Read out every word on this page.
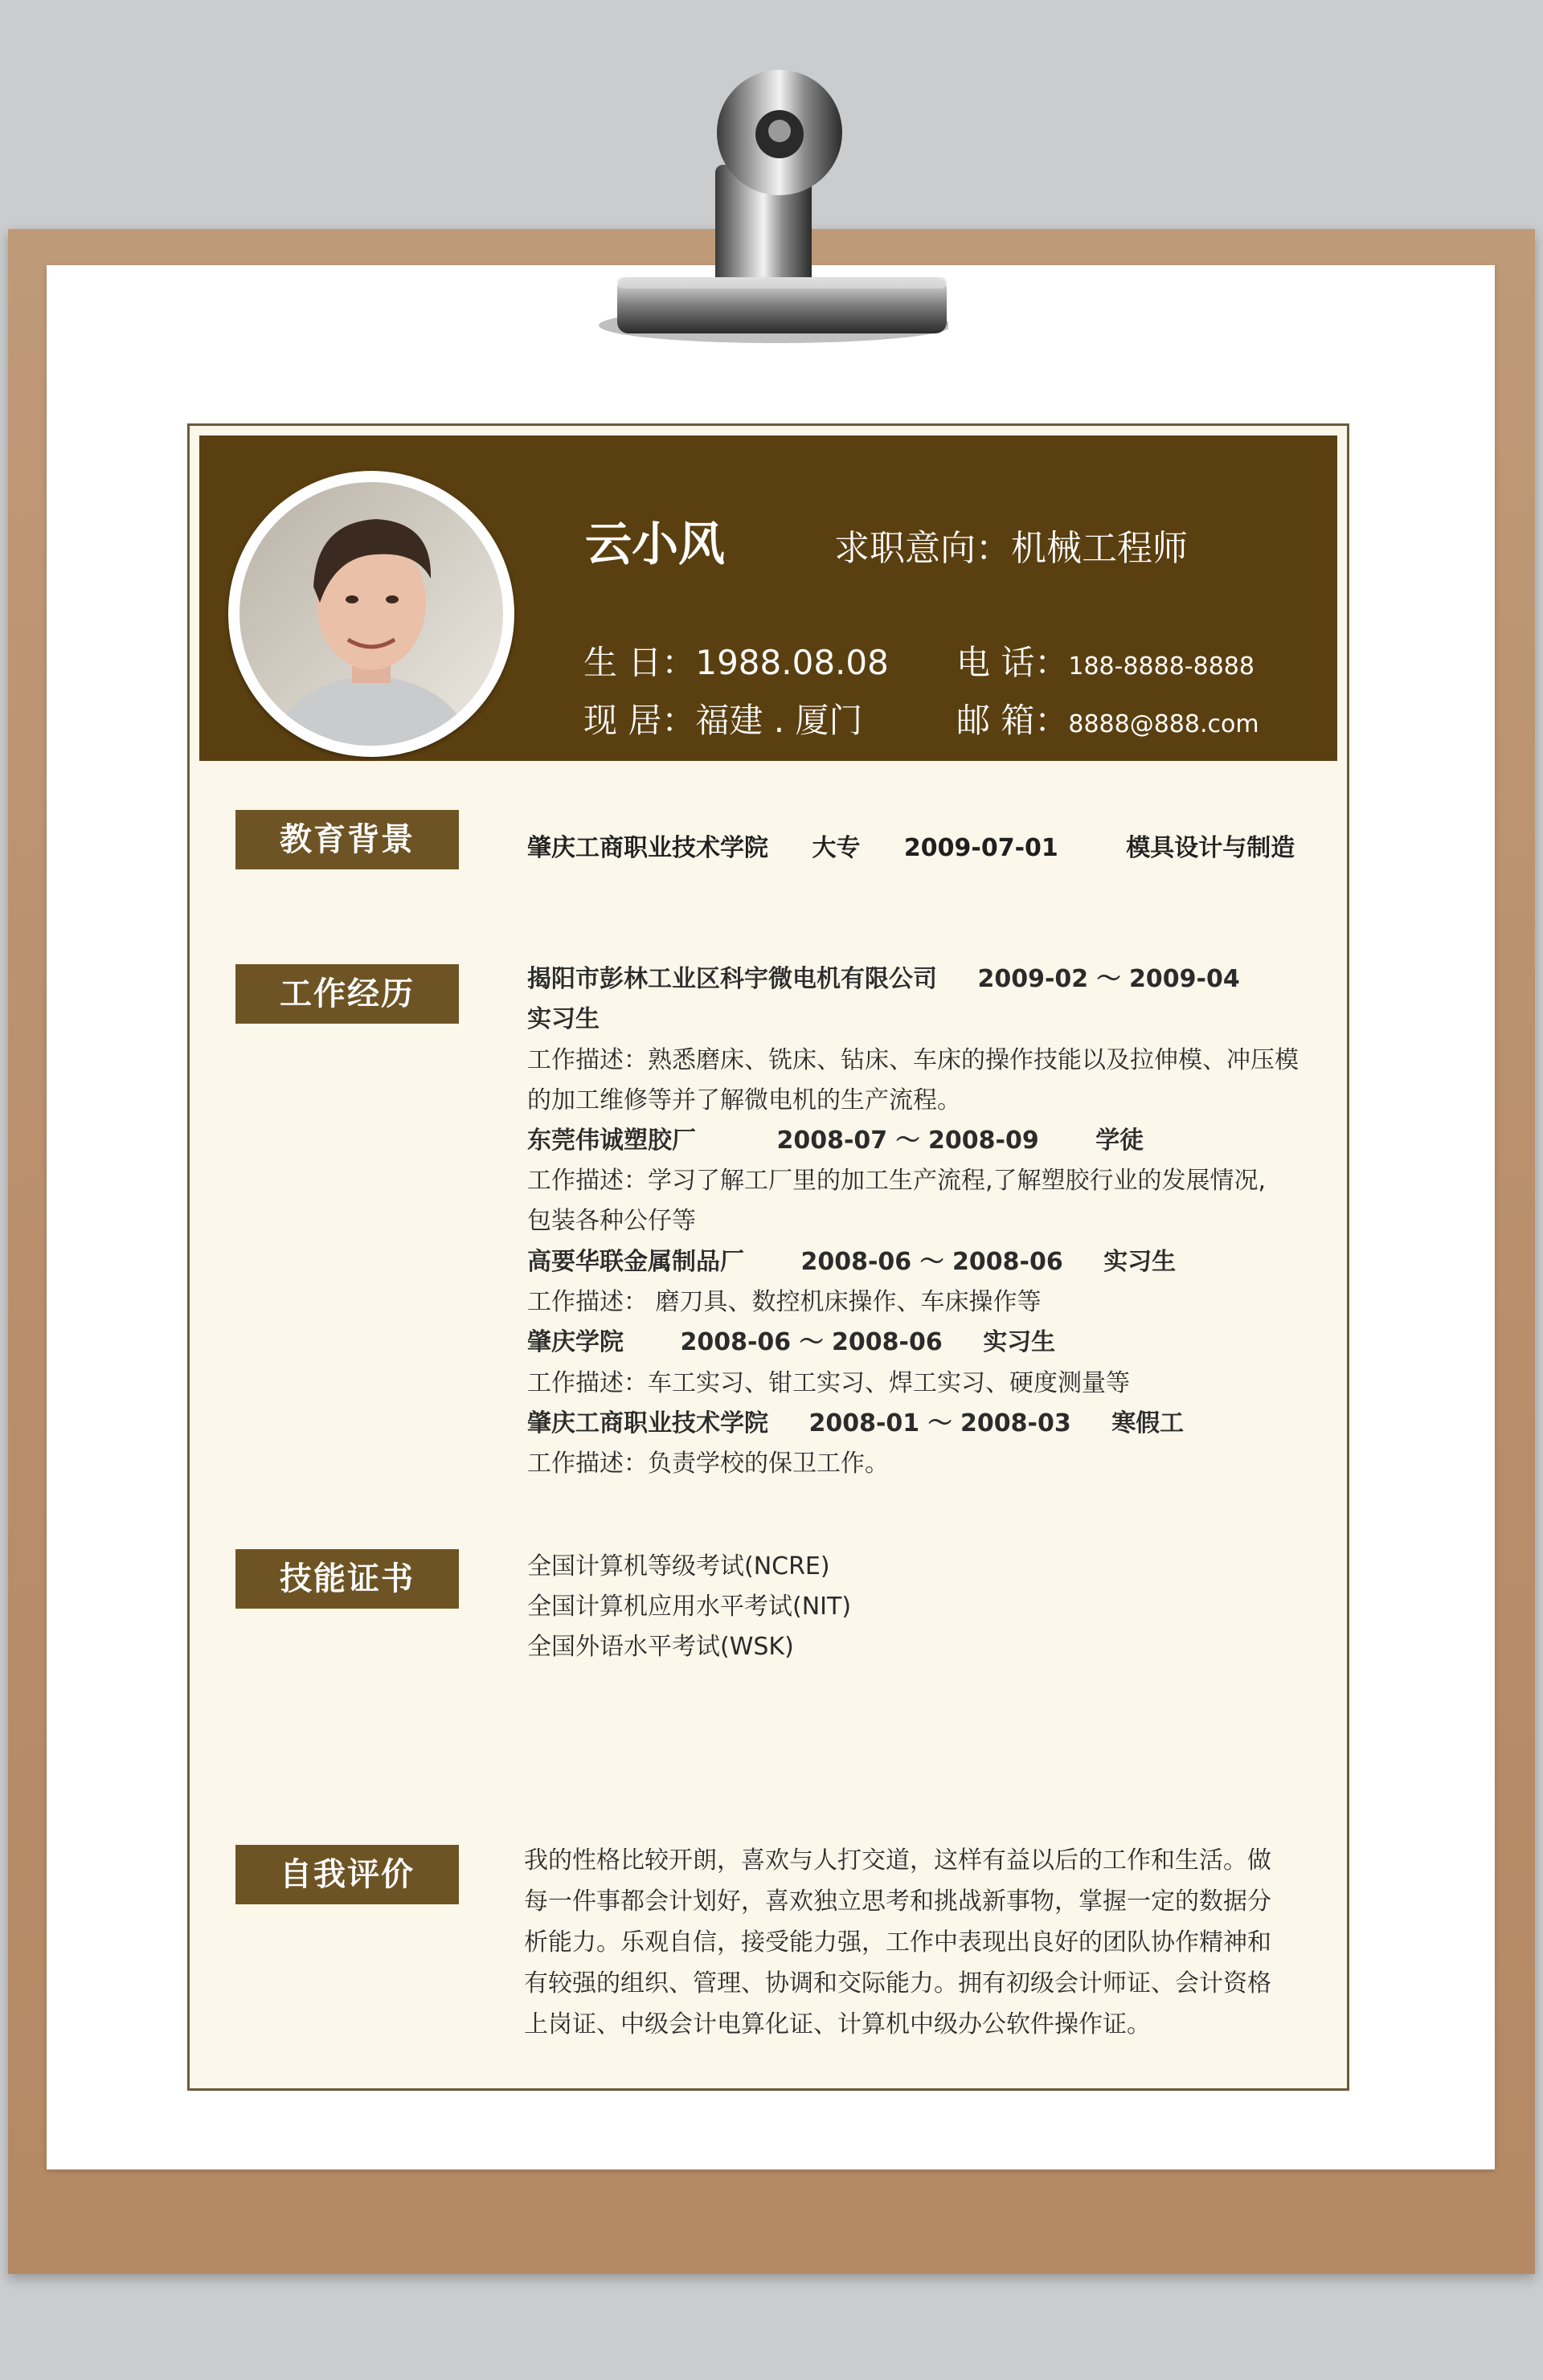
云小风	求职意向：机械工程师
生 日：1988.08.08
现 居：福建 . 厦门
电 话：188-8888-8888
邮 箱：8888@888.com
教育背景	肇庆工商职业技术学院 大专 2009-07-01	模具设计与制造
工作经历	揭阳市彭林工业区科宇微电机有限公司 2009-02 ～ 2009-04
实习生
工作描述：熟悉磨床、铣床、钻床、车床的操作技能以及拉伸模、冲压模
的加工维修等并了解微电机的生产流程。
东莞伟诚塑胶厂	2008-07 ～ 2008-09 学徒
工作描述：学习了解工厂里的加工生产流程,了解塑胶行业的发展情况,
包装各种公仔等
高要华联金属制品厂 2008-06 ～ 2008-06 实习生
工作描述： 磨刀具、数控机床操作、车床操作等
肇庆学院 2008-06 ～ 2008-06 实习生
工作描述：车工实习、钳工实习、焊工实习、硬度测量等
肇庆工商职业技术学院 2008-01 ～ 2008-03 寒假工
工作描述：负责学校的保卫工作。
技能证书	全国计算机等级考试(NCRE)
全国计算机应用水平考试(NIT)
全国外语水平考试(WSK)
自我评价	我的性格比较开朗，喜欢与人打交道，这样有益以后的工作和生活。做
每一件事都会计划好，喜欢独立思考和挑战新事物，掌握一定的数据分
析能力。乐观自信，接受能力强，工作中表现出良好的团队协作精神和
有较强的组织、管理、协调和交际能力。拥有初级会计师证、会计资格
上岗证、中级会计电算化证、计算机中级办公软件操作证。
